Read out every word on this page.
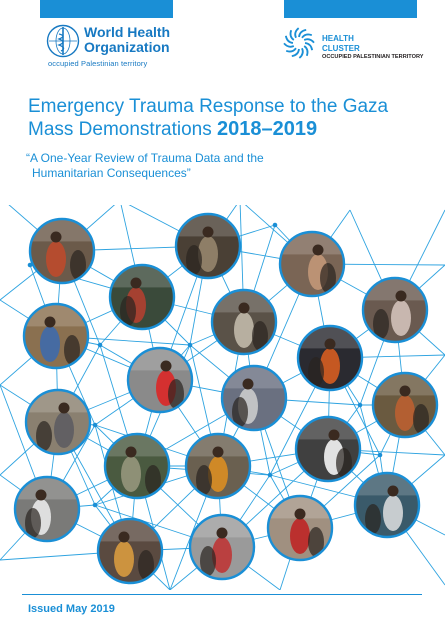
World Health
Organization
occupied Palestinian territory
HEALTH
CLUSTER
OCCUPIED PALESTINIAN TERRITORY
Emergency Trauma Response to the Gaza
Mass Demonstrations 2018–2019
“A One-Year Review of Trauma Data and the
Humanitarian Consequences”
Issued May 2019
